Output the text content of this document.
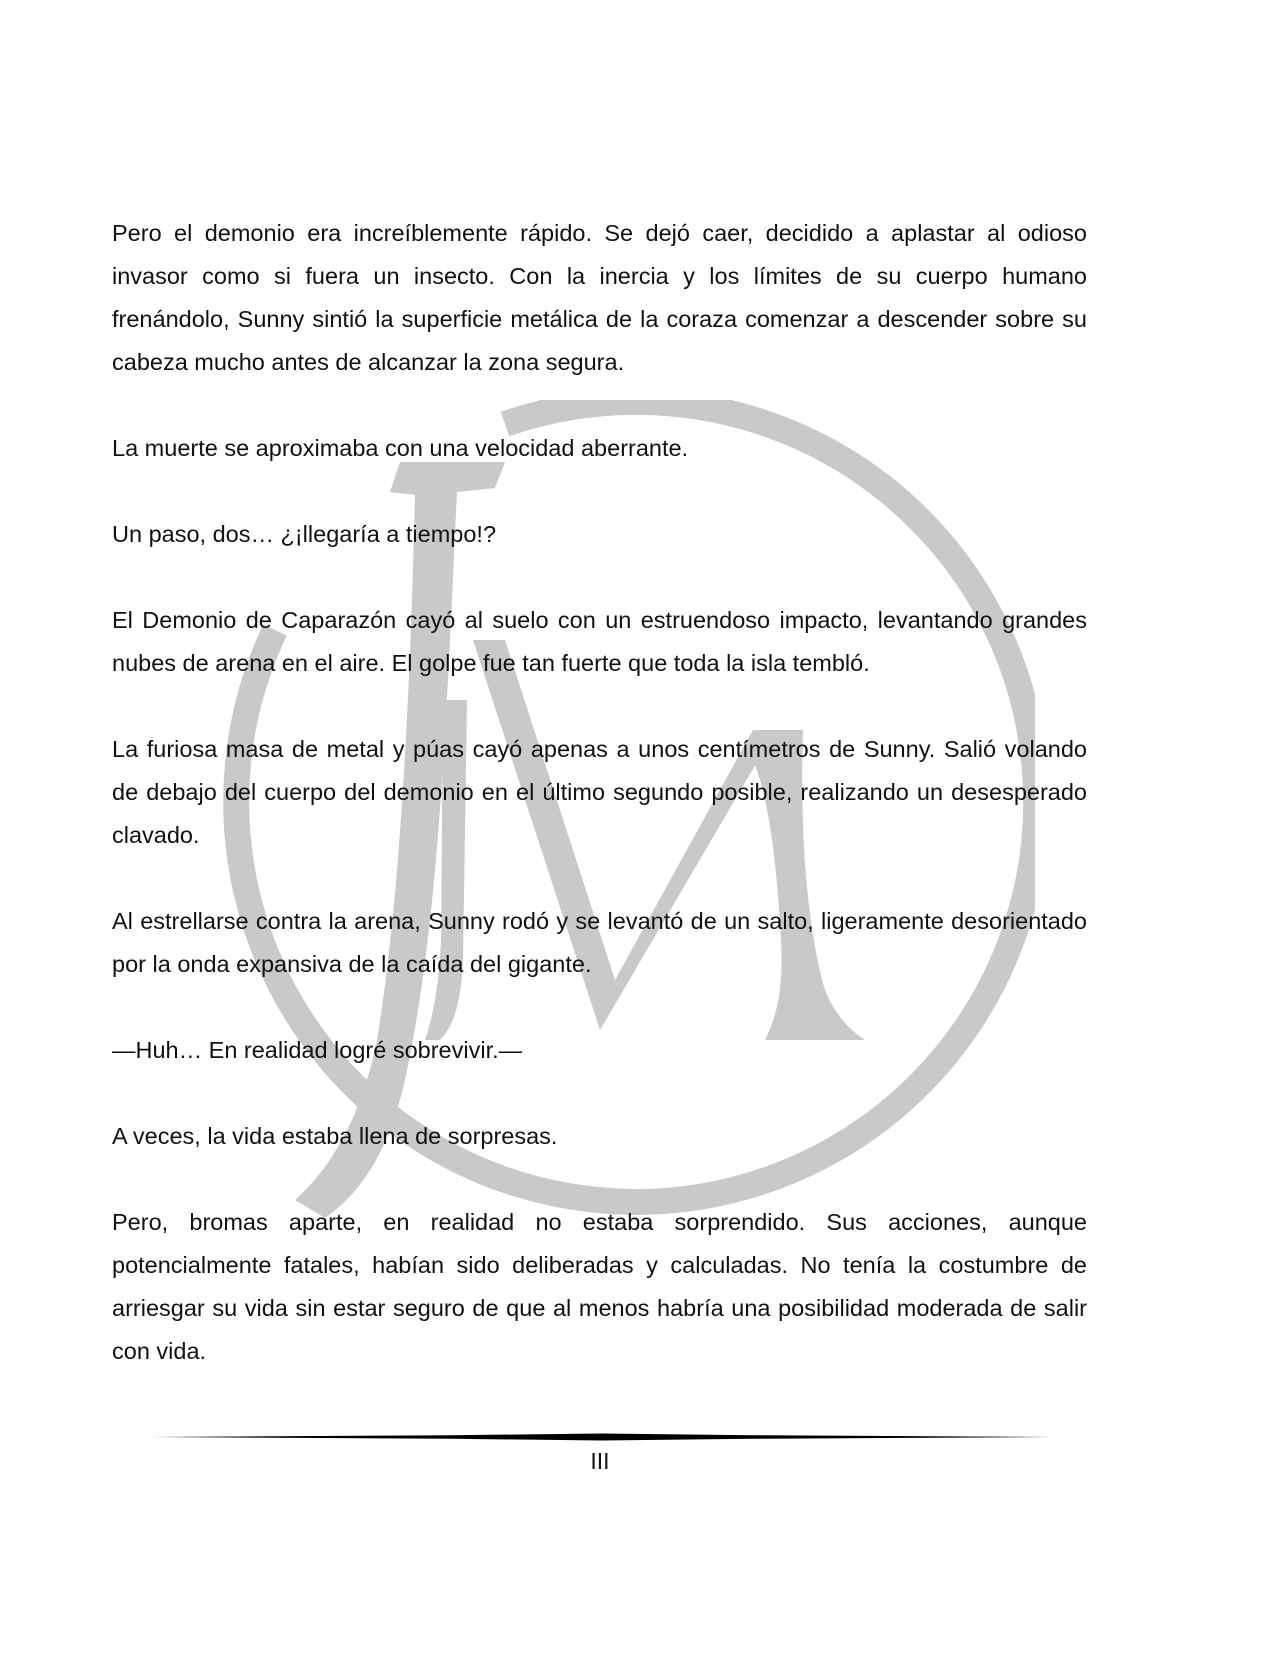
Pero el demonio era increíblemente rápido. Se dejó caer, decidido a aplastar al odioso invasor como si fuera un insecto. Con la inercia y los límites de su cuerpo humano frenándolo, Sunny sintió la superficie metálica de la coraza comenzar a descender sobre su cabeza mucho antes de alcanzar la zona segura.

La muerte se aproximaba con una velocidad aberrante.

Un paso, dos… ¿¡llegaría a tiempo!?

El Demonio de Caparazón cayó al suelo con un estruendoso impacto, levantando grandes nubes de arena en el aire. El golpe fue tan fuerte que toda la isla tembló.

La furiosa masa de metal y púas cayó apenas a unos centímetros de Sunny. Salió volando de debajo del cuerpo del demonio en el último segundo posible, realizando un desesperado clavado.

Al estrellarse contra la arena, Sunny rodó y se levantó de un salto, ligeramente desorientado por la onda expansiva de la caída del gigante.

—Huh… En realidad logré sobrevivir.—

A veces, la vida estaba llena de sorpresas.

Pero, bromas aparte, en realidad no estaba sorprendido. Sus acciones, aunque potencialmente fatales, habían sido deliberadas y calculadas. No tenía la costumbre de arriesgar su vida sin estar seguro de que al menos habría una posibilidad moderada de salir con vida.

III
